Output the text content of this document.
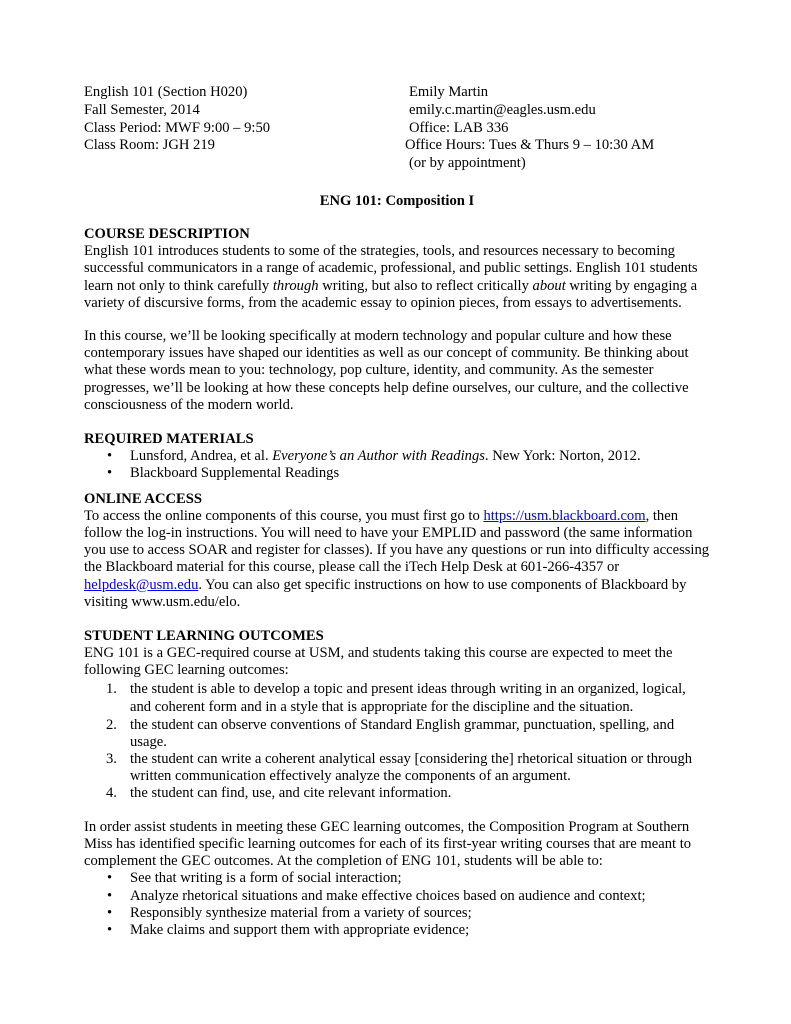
English 101 (Section H020)
Fall Semester, 2014
Class Period: MWF 9:00 – 9:50
Class Room: JGH 219
Emily Martin
emily.c.martin@eagles.usm.edu
Office: LAB 336
Office Hours: Tues & Thurs 9 – 10:30 AM
(or by appointment)
ENG 101: Composition I
COURSE DESCRIPTION

English 101 introduces students to some of the strategies, tools, and resources necessary to becoming successful communicators in a range of academic, professional, and public settings. English 101 students learn not only to think carefully through writing, but also to reflect critically about writing by engaging a variety of discursive forms, from the academic essay to opinion pieces, from essays to advertisements.

In this course, we’ll be looking specifically at modern technology and popular culture and how these contemporary issues have shaped our identities as well as our concept of community. Be thinking about what these words mean to you: technology, pop culture, identity, and community. As the semester progresses, we’ll be looking at how these concepts help define ourselves, our culture, and the collective consciousness of the modern world.

REQUIRED MATERIALS
• Lunsford, Andrea, et al. Everyone’s an Author with Readings. New York: Norton, 2012.
• Blackboard Supplemental Readings
ONLINE ACCESS

To access the online components of this course, you must first go to https://usm.blackboard.com, then follow the log-in instructions. You will need to have your EMPLID and password (the same information you use to access SOAR and register for classes). If you have any questions or run into difficulty accessing the Blackboard material for this course, please call the iTech Help Desk at 601-266-4357 or helpdesk@usm.edu. You can also get specific instructions on how to use components of Blackboard by visiting www.usm.edu/elo.

STUDENT LEARNING OUTCOMES

ENG 101 is a GEC-required course at USM, and students taking this course are expected to meet the following GEC learning outcomes:

1. the student is able to develop a topic and present ideas through writing in an organized, logical, and coherent form and in a style that is appropriate for the discipline and the situation.
2. the student can observe conventions of Standard English grammar, punctuation, spelling, and usage.
3. the student can write a coherent analytical essay [considering the] rhetorical situation or through written communication effectively analyze the components of an argument.
4. the student can find, use, and cite relevant information.

In order assist students in meeting these GEC learning outcomes, the Composition Program at Southern Miss has identified specific learning outcomes for each of its first-year writing courses that are meant to complement the GEC outcomes. At the completion of ENG 101, students will be able to:

• See that writing is a form of social interaction;
• Analyze rhetorical situations and make effective choices based on audience and context;
• Responsibly synthesize material from a variety of sources;
• Make claims and support them with appropriate evidence;
